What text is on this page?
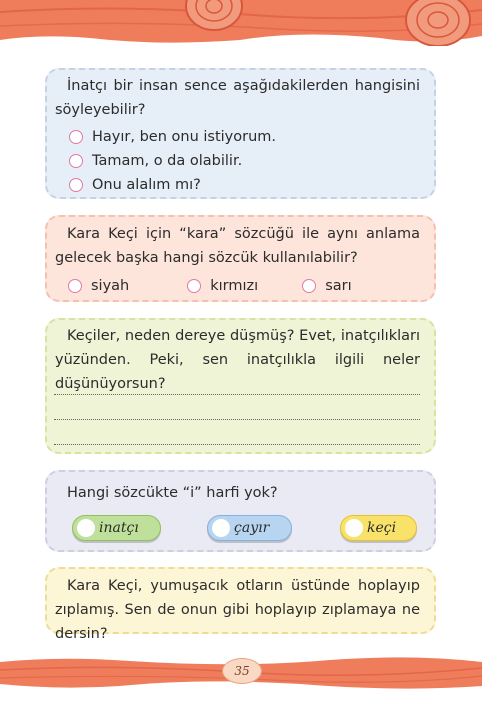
İnatçı bir insan sence aşağıdakilerden hangisini söyleyebilir?
Hayır, ben onu istiyorum.
Tamam, o da olabilir.
Onu alalım mı?
Kara Keçi için “kara” sözcüğü ile aynı anlama gelecek başka hangi sözcük kullanılabilir?
siyah	kırmızı	sarı
Keçiler, neden dereye düşmüş? Evet, inatçılıkları yüzünden. Peki, sen inatçılıkla ilgili neler düşünüyorsun?
Hangi sözcükte “i” harfi yok?
inatçı	çayır	keçi
Kara Keçi, yumuşacık otların üstünde hoplayıp zıplamış. Sen de onun gibi hoplayıp zıplamaya ne dersin?
35
